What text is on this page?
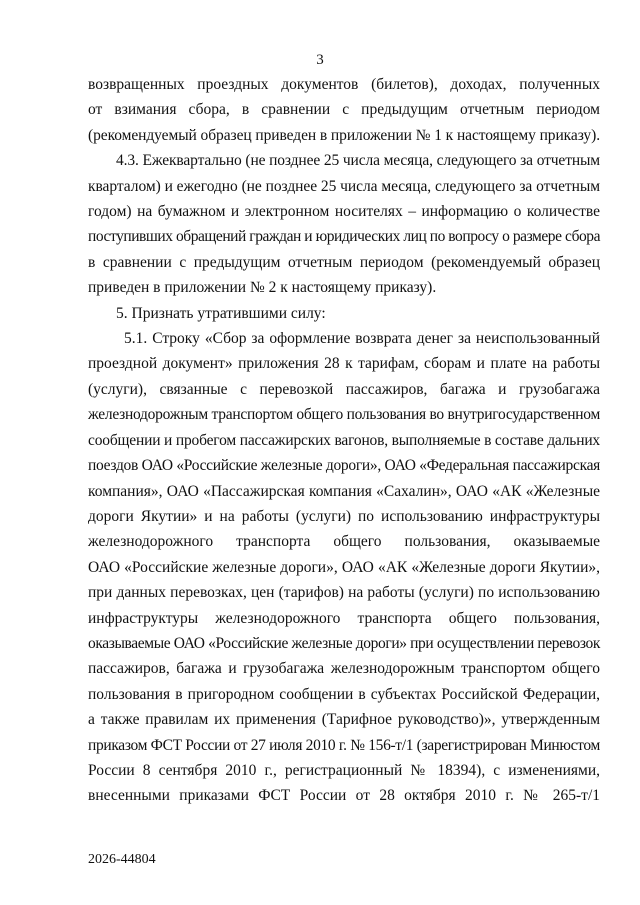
3
возвращенных проездных документов (билетов), доходах, полученных
от взимания сбора, в сравнении с предыдущим отчетным периодом
(рекомендуемый образец приведен в приложении № 1 к настоящему приказу).
4.3. Ежеквартально (не позднее 25 числа месяца, следующего за отчетным
кварталом) и ежегодно (не позднее 25 числа месяца, следующего за отчетным
годом) на бумажном и электронном носителях – информацию о количестве
поступивших обращений граждан и юридических лиц по вопросу о размере сбора
в сравнении с предыдущим отчетным периодом (рекомендуемый образец
приведен в приложении № 2 к настоящему приказу).
5. Признать утратившими силу:
5.1. Строку «Сбор за оформление возврата денег за неиспользованный
проездной документ» приложения 28 к тарифам, сборам и плате на работы
(услуги), связанные с перевозкой пассажиров, багажа и грузобагажа
железнодорожным транспортом общего пользования во внутригосударственном
сообщении и пробегом пассажирских вагонов, выполняемые в составе дальних
поездов ОАО «Российские железные дороги», ОАО «Федеральная пассажирская
компания», ОАО «Пассажирская компания «Сахалин», ОАО «АК «Железные
дороги Якутии» и на работы (услуги) по использованию инфраструктуры
железнодорожного транспорта общего пользования, оказываемые
ОАО «Российские железные дороги», ОАО «АК «Железные дороги Якутии»,
при данных перевозках, цен (тарифов) на работы (услуги) по использованию
инфраструктуры железнодорожного транспорта общего пользования,
оказываемые ОАО «Российские железные дороги» при осуществлении перевозок
пассажиров, багажа и грузобагажа железнодорожным транспортом общего
пользования в пригородном сообщении в субъектах Российской Федерации,
а также правилам их применения (Тарифное руководство)», утвержденным
приказом ФСТ России от 27 июля 2010 г. № 156-т/1 (зарегистрирован Минюстом
России 8 сентября 2010 г., регистрационный № 18394), с изменениями,
внесенными приказами ФСТ России от 28 октября 2010 г. № 265-т/1
2026-44804
